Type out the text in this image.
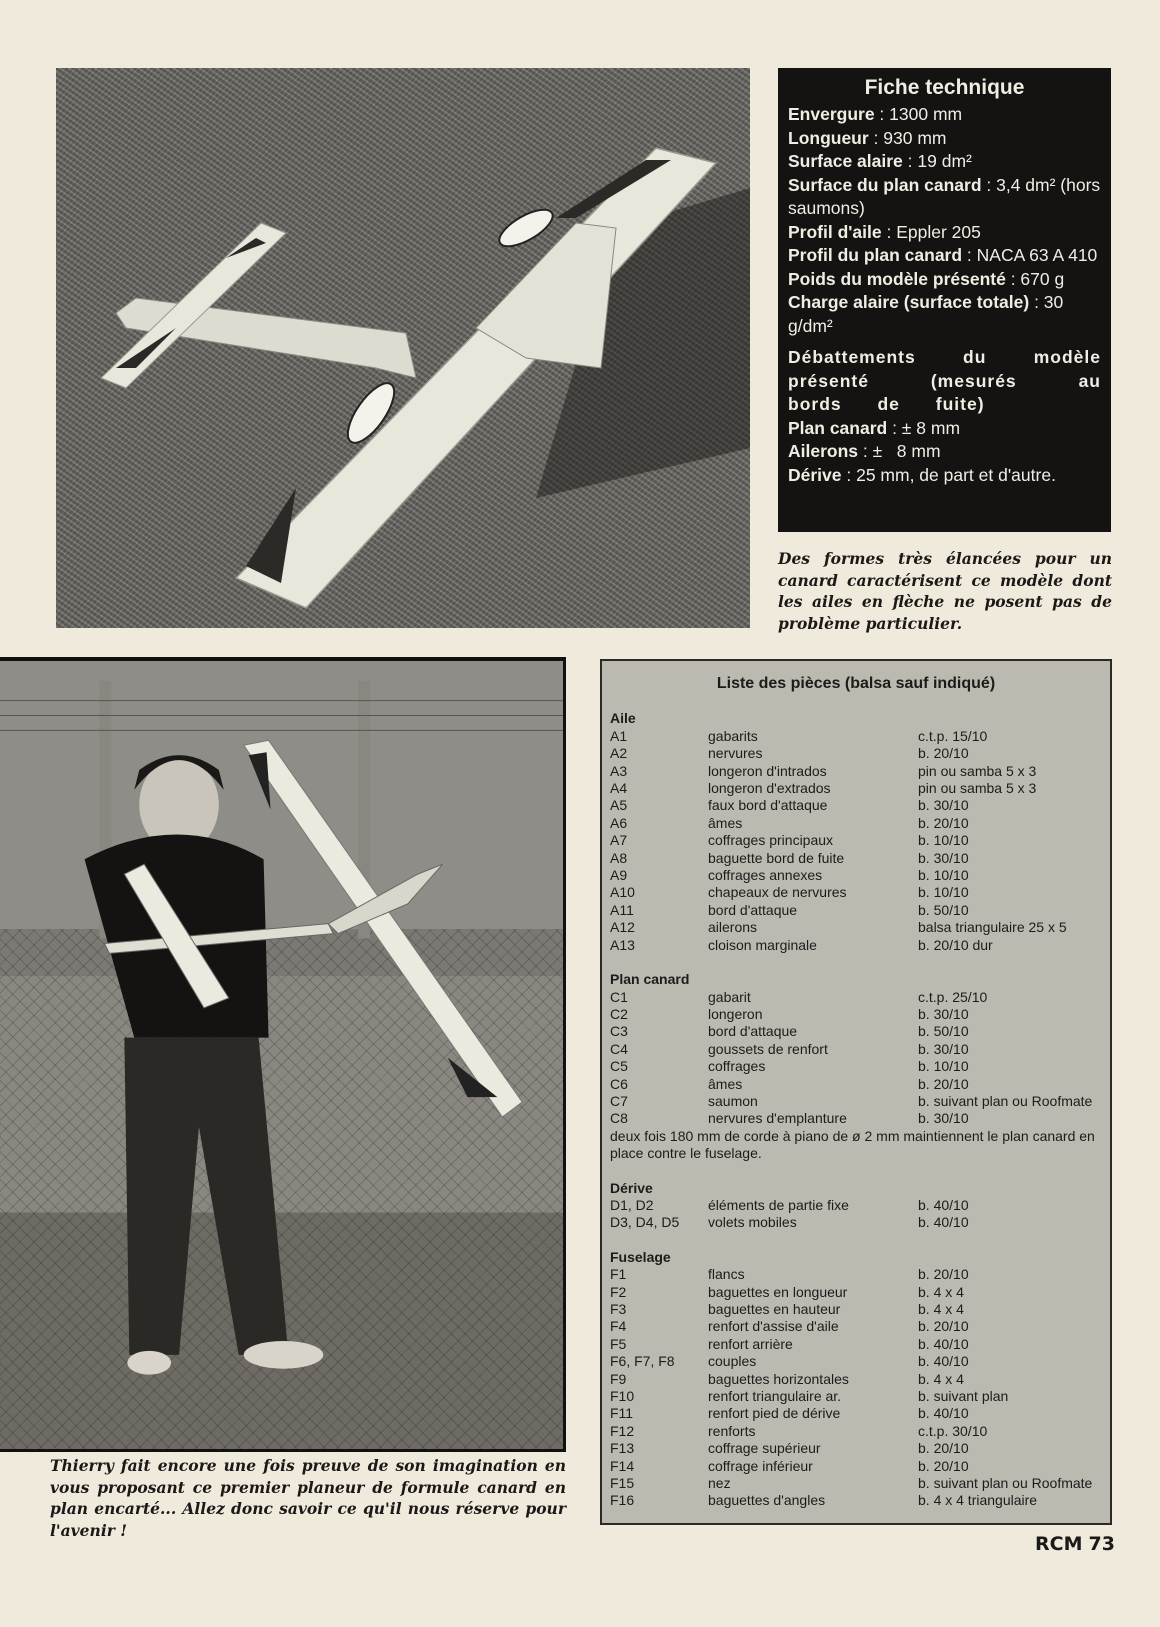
Fiche technique
Envergure : 1300 mm
Longueur : 930 mm
Surface alaire : 19 dm²
Surface du plan canard : 3,4 dm² (hors saumons)
Profil d'aile : Eppler 205
Profil du plan canard : NACA 63 A 410
Poids du modèle présenté : 670 g
Charge alaire (surface totale) : 30 g/dm²
Débattements du modèle présenté (mesurés au bords de fuite)
Plan canard : ± 8 mm
Ailerons : ±   8 mm
Dérive : 25 mm, de part et d'autre.
Des formes très élancées pour un canard caractérisent ce modèle dont les ailes en flèche ne posent pas de problème particulier.
Thierry fait encore une fois preuve de son imagination en vous proposant ce premier planeur de formule canard en plan encarté... Allez donc savoir ce qu'il nous réserve pour l'avenir !
Liste des pièces (balsa sauf indiqué)
Aile
A1	gabarits	c.t.p. 15/10
A2	nervures	b. 20/10
A3	longeron d'intrados	pin ou samba 5 x 3
A4	longeron d'extrados	pin ou samba 5 x 3
A5	faux bord d'attaque	b. 30/10
A6	âmes	b. 20/10
A7	coffrages principaux	b. 10/10
A8	baguette bord de fuite	b. 30/10
A9	coffrages annexes	b. 10/10
A10	chapeaux de nervures	b. 10/10
A11	bord d'attaque	b. 50/10
A12	ailerons	balsa triangulaire 25 x 5
A13	cloison marginale	b. 20/10 dur
Plan canard
C1	gabarit	c.t.p. 25/10
C2	longeron	b. 30/10
C3	bord d'attaque	b. 50/10
C4	goussets de renfort	b. 30/10
C5	coffrages	b. 10/10
C6	âmes	b. 20/10
C7	saumon	b. suivant plan ou Roofmate
C8	nervures d'emplanture	b. 30/10
deux fois 180 mm de corde à piano de ø 2 mm maintiennent le plan canard en place contre le fuselage.
Dérive
D1, D2	éléments de partie fixe	b. 40/10
D3, D4, D5	volets mobiles	b. 40/10
Fuselage
F1	flancs	b. 20/10
F2	baguettes en longueur	b. 4 x 4
F3	baguettes en hauteur	b. 4 x 4
F4	renfort d'assise d'aile	b. 20/10
F5	renfort arrière	b. 40/10
F6, F7, F8	couples	b. 40/10
F9	baguettes horizontales	b. 4 x 4
F10	renfort triangulaire ar.	b. suivant plan
F11	renfort pied de dérive	b. 40/10
F12	renforts	c.t.p. 30/10
F13	coffrage supérieur	b. 20/10
F14	coffrage inférieur	b. 20/10
F15	nez	b. suivant plan ou Roofmate
F16	baguettes d'angles	b. 4 x 4 triangulaire
RCM 73
